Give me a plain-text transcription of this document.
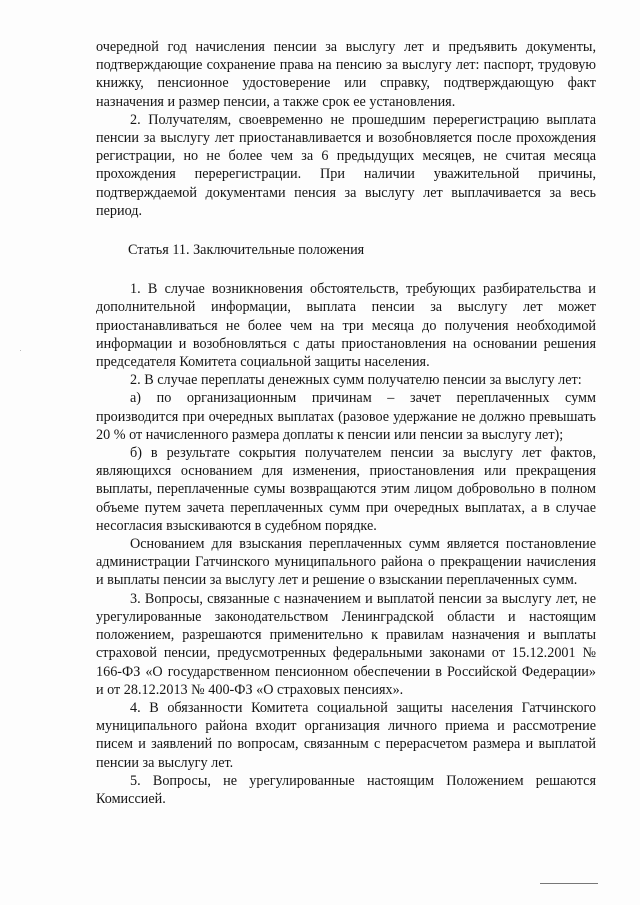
очередной год начисления пенсии за выслугу лет и предъявить документы, подтверждающие сохранение права на пенсию за выслугу лет: паспорт, трудовую книжку, пенсионное удостоверение или справку, подтверждающую факт назначения и размер пенсии, а также срок ее установления.

2. Получателям, своевременно не прошедшим перерегистрацию выплата пенсии за выслугу лет приостанавливается и возобновляется после прохождения регистрации, но не более чем за 6 предыдущих месяцев, не считая месяца прохождения перерегистрации. При наличии уважительной причины, подтверждаемой документами пенсия за выслугу лет выплачивается за весь период.

Статья 11. Заключительные положения

1. В случае возникновения обстоятельств, требующих разбирательства и дополнительной информации, выплата пенсии за выслугу лет может приостанавливаться не более чем на три месяца до получения необходимой информации и возобновляться с даты приостановления на основании решения председателя Комитета социальной защиты населения.

2. В случае переплаты денежных сумм получателю пенсии за выслугу лет:

а) по организационным причинам – зачет переплаченных сумм производится при очередных выплатах (разовое удержание не должно превышать 20 % от начисленного размера доплаты к пенсии или пенсии за выслугу лет);

б) в результате сокрытия получателем пенсии за выслугу лет фактов, являющихся основанием для изменения, приостановления или прекращения выплаты, переплаченные сумы возвращаются этим лицом добровольно в полном объеме путем зачета переплаченных сумм при очередных выплатах, а в случае несогласия взыскиваются в судебном порядке.

Основанием для взыскания переплаченных сумм является постановление администрации Гатчинского муниципального района о прекращении начисления и выплаты пенсии за выслугу лет и решение о взыскании переплаченных сумм.

3. Вопросы, связанные с назначением и выплатой пенсии за выслугу лет, не урегулированные законодательством Ленинградской области и настоящим положением, разрешаются применительно к правилам назначения и выплаты страховой пенсии, предусмотренных федеральными законами от 15.12.2001 № 166-ФЗ «О государственном пенсионном обеспечении в Российской Федерации» и от 28.12.2013 № 400-ФЗ «О страховых пенсиях».

4. В обязанности Комитета социальной защиты населения Гатчинского муниципального района входит организация личного приема и рассмотрение писем и заявлений по вопросам, связанным с перерасчетом размера и выплатой пенсии за выслугу лет.

5. Вопросы, не урегулированные настоящим Положением решаются Комиссией.
